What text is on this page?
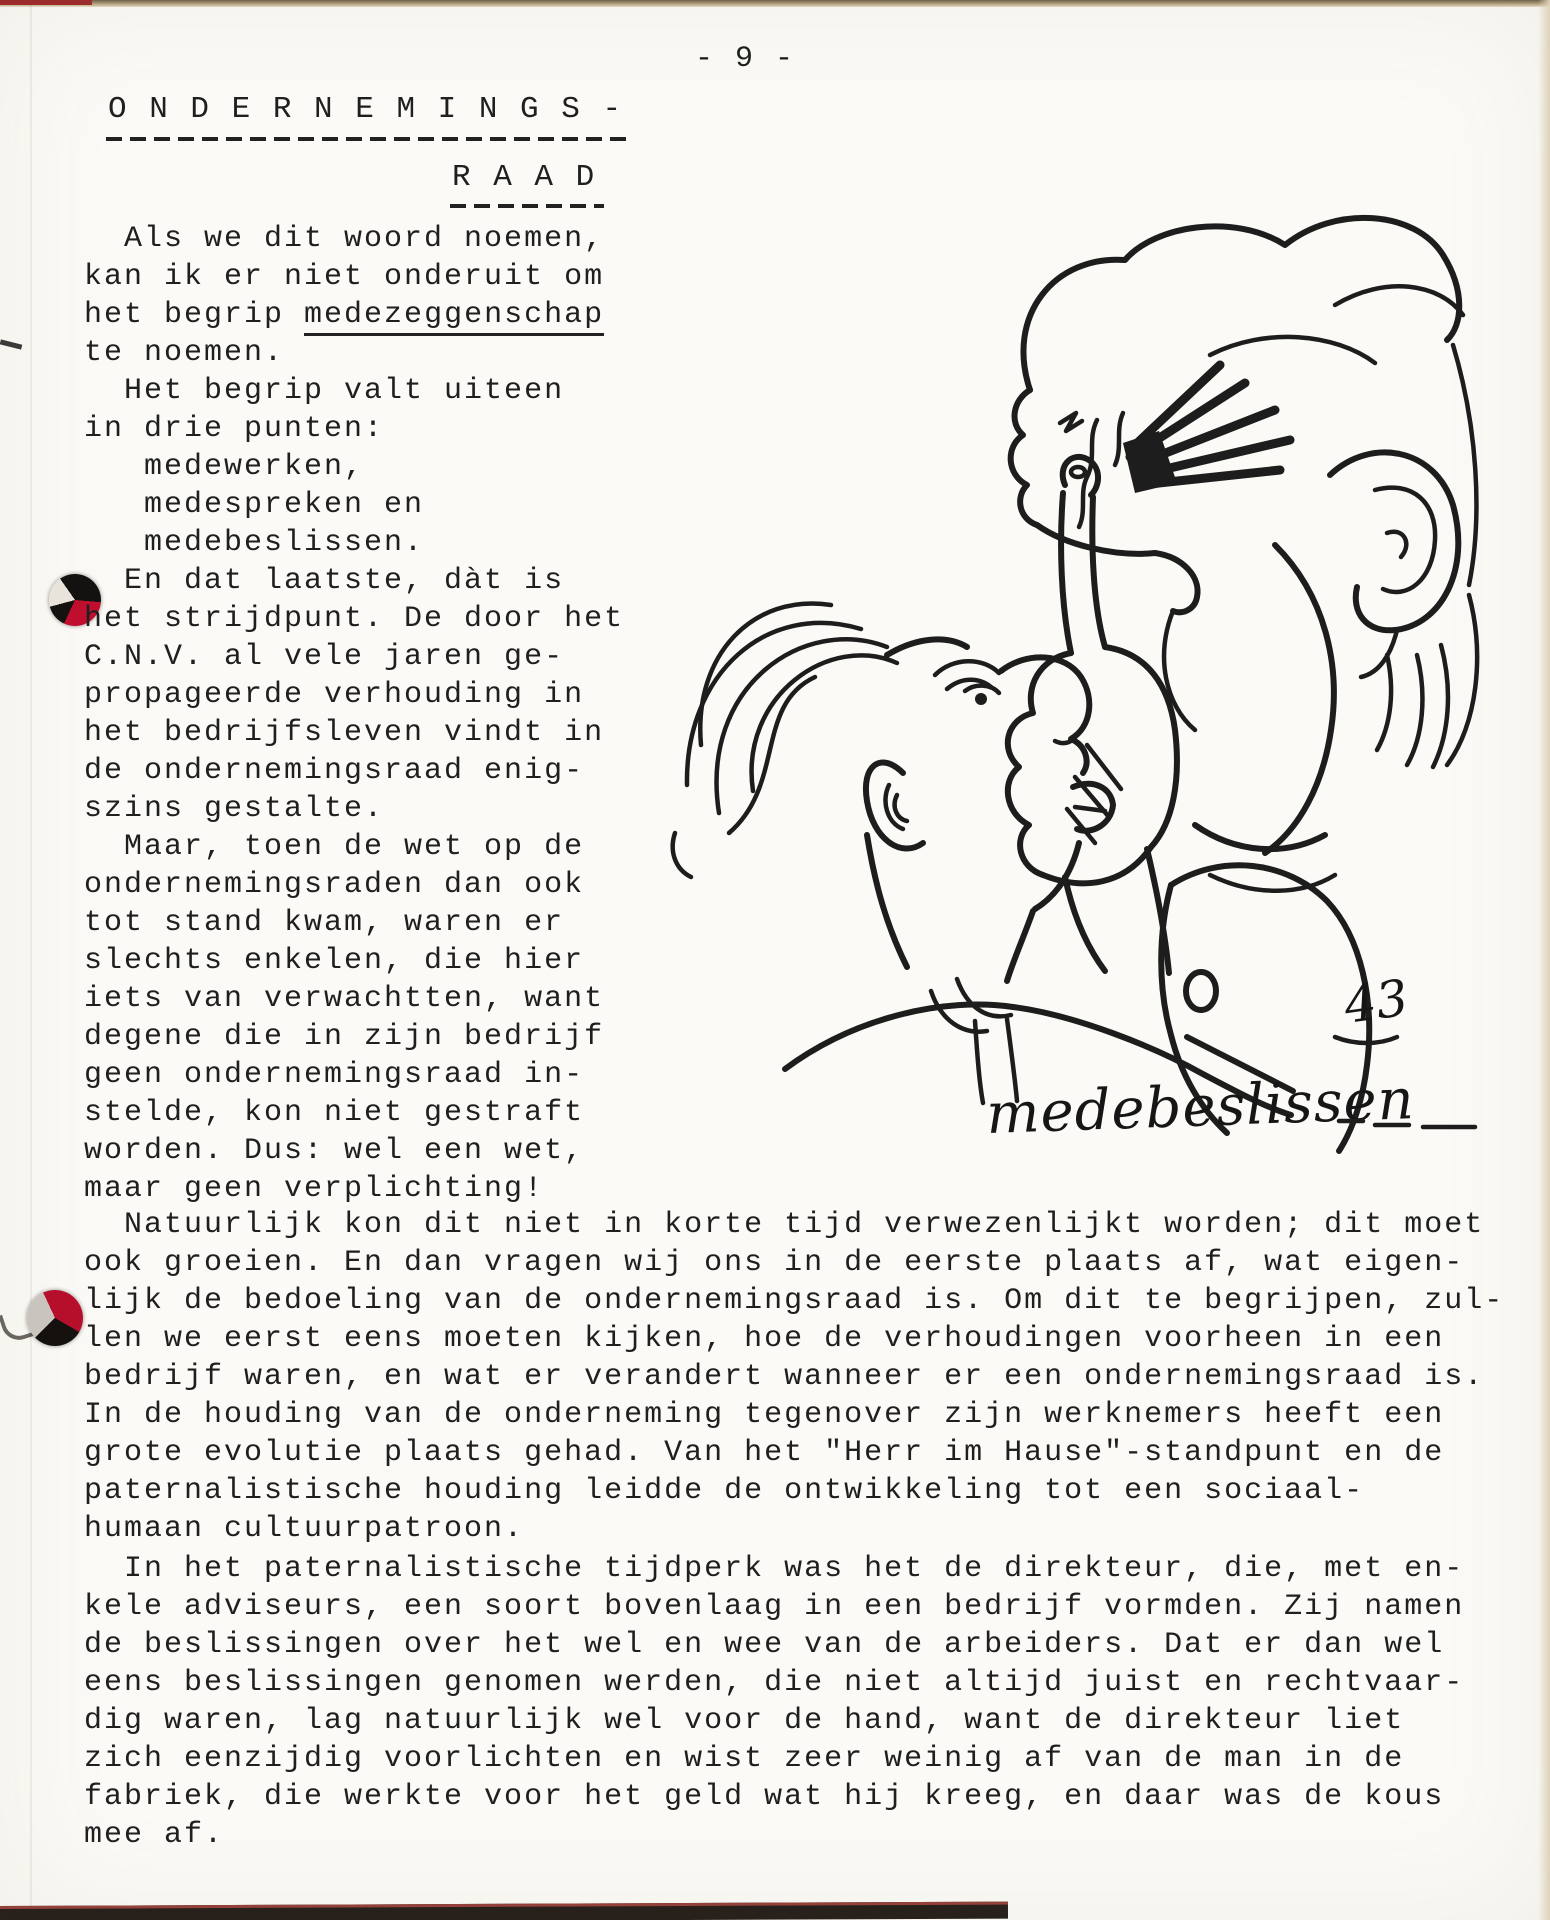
- 9 -
O N D E R N E M I N G S -
R A A D
Als we dit woord noemen,
kan ik er niet onderuit om
het begrip medezeggenschap
te noemen.
Het begrip valt uiteen
in drie punten:
medewerken,
medespreken en
medebeslissen.
En dat laatste, dàt is
het strijdpunt. De door het
C.N.V. al vele jaren ge-
propageerde verhouding in
het bedrijfsleven vindt in
de ondernemingsraad enig-
szins gestalte.
Maar, toen de wet op de
ondernemingsraden dan ook
tot stand kwam, waren er
slechts enkelen, die hier
iets van verwachtten, want
degene die in zijn bedrijf
geen ondernemingsraad in-
stelde, kon niet gestraft
worden. Dus: wel een wet,
maar geen verplichting!
Natuurlijk kon dit niet in korte tijd verwezenlijkt worden; dit moet
ook groeien. En dan vragen wij ons in de eerste plaats af, wat eigen-
lijk de bedoeling van de ondernemingsraad is. Om dit te begrijpen, zul-
len we eerst eens moeten kijken, hoe de verhoudingen voorheen in een
bedrijf waren, en wat er verandert wanneer er een ondernemingsraad is.
In de houding van de onderneming tegenover zijn werknemers heeft een
grote evolutie plaats gehad. Van het "Herr im Hause"-standpunt en de
paternalistische houding leidde de ontwikkeling tot een sociaal-
humaan cultuurpatroon.
In het paternalistische tijdperk was het de direkteur, die, met en-
kele adviseurs, een soort bovenlaag in een bedrijf vormden. Zij namen
de beslissingen over het wel en wee van de arbeiders. Dat er dan wel
eens beslissingen genomen werden, die niet altijd juist en rechtvaar-
dig waren, lag natuurlijk wel voor de hand, want de direkteur liet
zich eenzijdig voorlichten en wist zeer weinig af van de man in de
fabriek, die werkte voor het geld wat hij kreeg, en daar was de kous
mee af.
medebeslissen
43
